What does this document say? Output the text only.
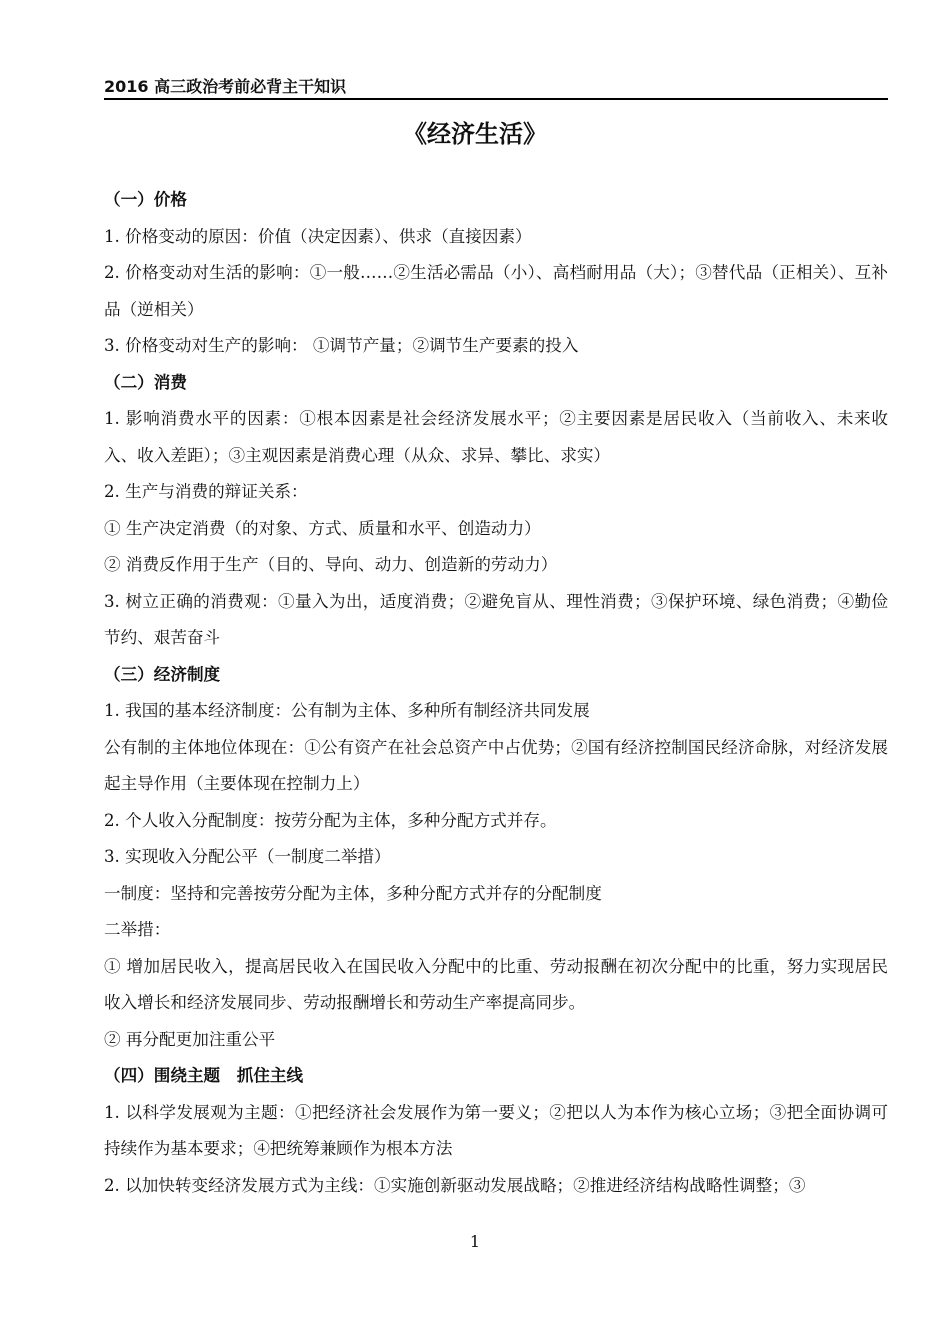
2016 高三政治考前必背主干知识
《经济生活》
（一）价格

1. 价格变动的原因：价值（决定因素）、供求（直接因素）

2. 价格变动对生活的影响：①一般……②生活必需品（小）、高档耐用品（大）；③替代品（正相关）、互补品（逆相关）

3. 价格变动对生产的影响： ①调节产量；②调节生产要素的投入

（二）消费

1. 影响消费水平的因素：①根本因素是社会经济发展水平；②主要因素是居民收入（当前收入、未来收入、收入差距）；③主观因素是消费心理（从众、求异、攀比、求实）

2. 生产与消费的辩证关系：

① 生产决定消费（的对象、方式、质量和水平、创造动力）

② 消费反作用于生产（目的、导向、动力、创造新的劳动力）

3. 树立正确的消费观：①量入为出，适度消费；②避免盲从、理性消费；③保护环境、绿色消费；④勤俭节约、艰苦奋斗

（三）经济制度

1. 我国的基本经济制度：公有制为主体、多种所有制经济共同发展

公有制的主体地位体现在：①公有资产在社会总资产中占优势；②国有经济控制国民经济命脉，对经济发展起主导作用（主要体现在控制力上）

2. 个人收入分配制度：按劳分配为主体，多种分配方式并存。

3. 实现收入分配公平（一制度二举措）

一制度：坚持和完善按劳分配为主体，多种分配方式并存的分配制度

二举措：

① 增加居民收入，提高居民收入在国民收入分配中的比重、劳动报酬在初次分配中的比重，努力实现居民收入增长和经济发展同步、劳动报酬增长和劳动生产率提高同步。

② 再分配更加注重公平

（四）围绕主题　抓住主线

1. 以科学发展观为主题：①把经济社会发展作为第一要义；②把以人为本作为核心立场；③把全面协调可持续作为基本要求；④把统筹兼顾作为根本方法

2. 以加快转变经济发展方式为主线：①实施创新驱动发展战略；②推进经济结构战略性调整；③

1
